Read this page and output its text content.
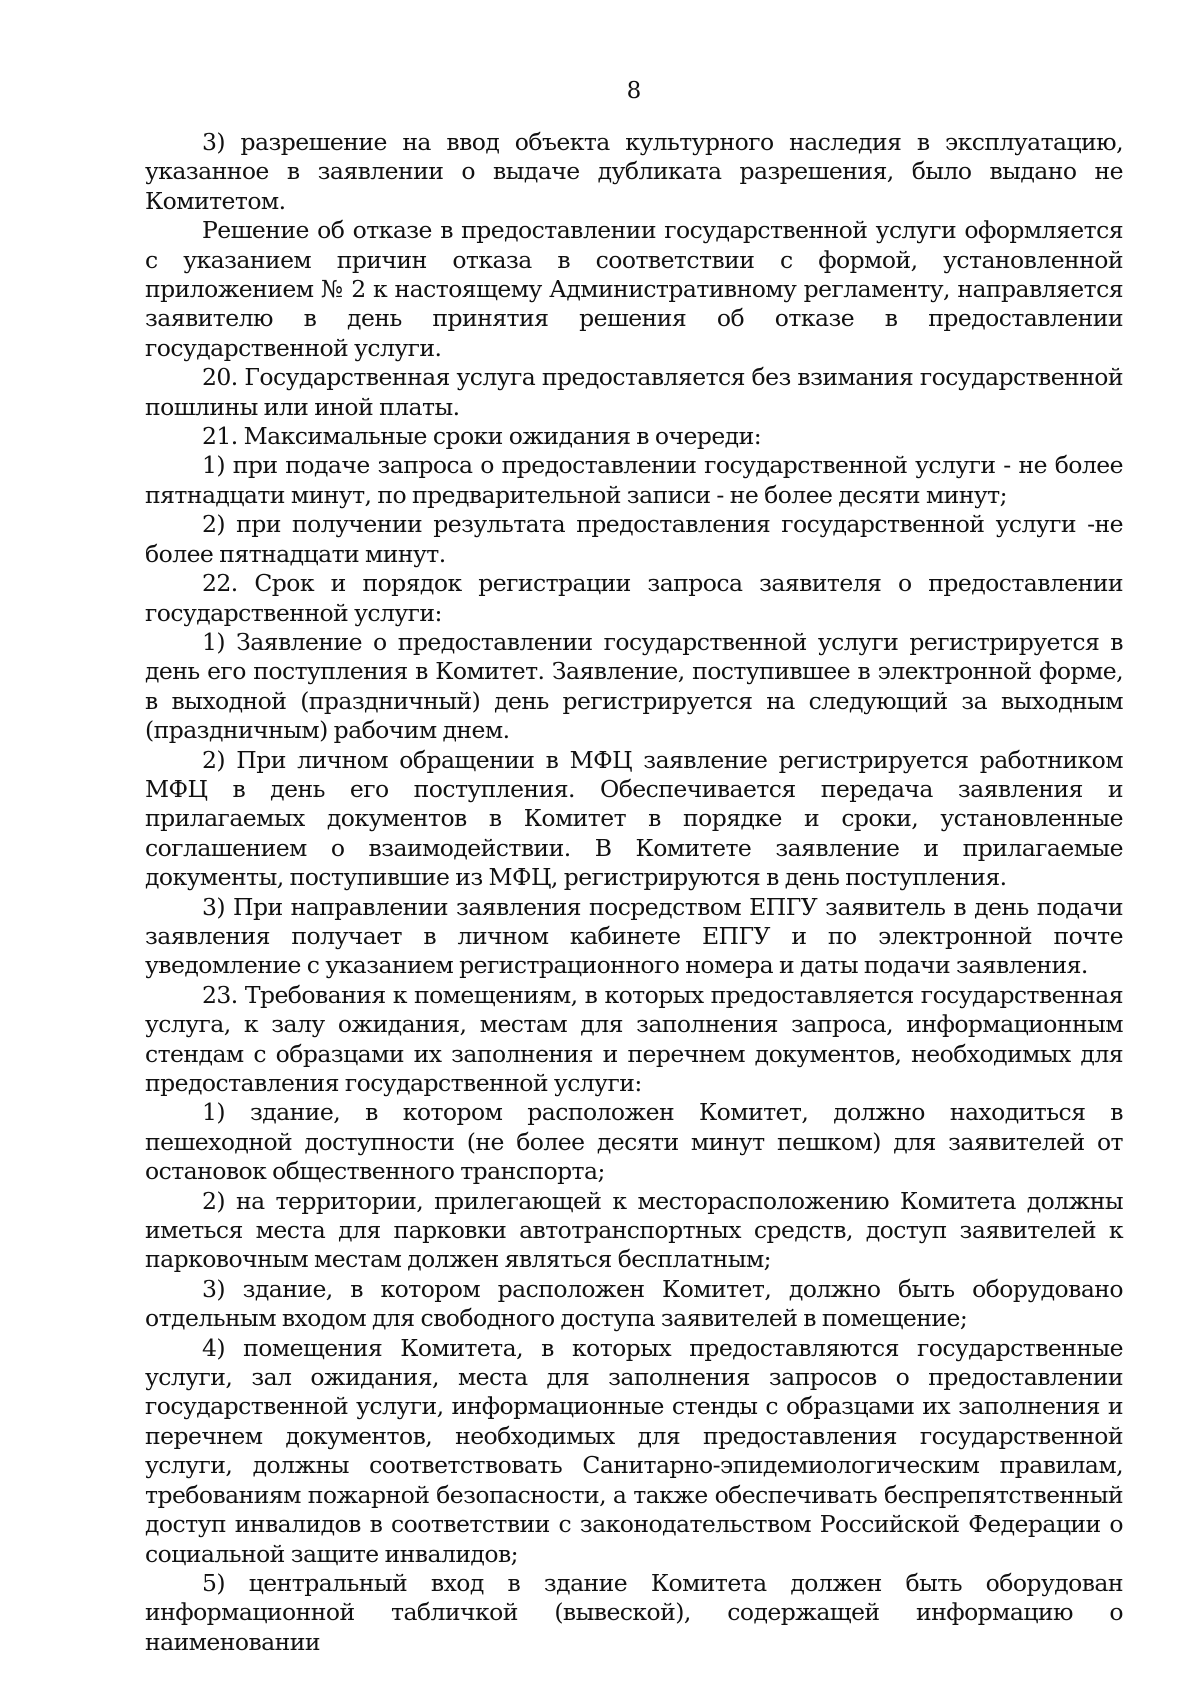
8

3) разрешение на ввод объекта культурного наследия в эксплуатацию, указанное в заявлении о выдаче дубликата разрешения, было выдано не Комитетом.

Решение об отказе в предоставлении государственной услуги оформляется с указанием причин отказа в соответствии с формой, установленной приложением № 2 к настоящему Административному регламенту, направляется заявителю в день принятия решения об отказе в предоставлении государственной услуги.

20. Государственная услуга предоставляется без взимания государственной пошлины или иной платы.

21. Максимальные сроки ожидания в очереди:

1) при подаче запроса о предоставлении государственной услуги - не более пятнадцати минут, по предварительной записи - не более десяти минут;

2) при получении результата предоставления государственной услуги -не более пятнадцати минут.

22. Срок и порядок регистрации запроса заявителя о предоставлении государственной услуги:

1) Заявление о предоставлении государственной услуги регистрируется в день его поступления в Комитет. Заявление, поступившее в электронной форме, в выходной (праздничный) день регистрируется на следующий за выходным (праздничным) рабочим днем.

2) При личном обращении в МФЦ заявление регистрируется работником МФЦ в день его поступления. Обеспечивается передача заявления и прилагаемых документов в Комитет в порядке и сроки, установленные соглашением о взаимодействии. В Комитете заявление и прилагаемые документы, поступившие из МФЦ, регистрируются в день поступления.

3) При направлении заявления посредством ЕПГУ заявитель в день подачи заявления получает в личном кабинете ЕПГУ и по электронной почте уведомление с указанием регистрационного номера и даты подачи заявления.

23. Требования к помещениям, в которых предоставляется государственная услуга, к залу ожидания, местам для заполнения запроса, информационным стендам с образцами их заполнения и перечнем документов, необходимых для предоставления государственной услуги:

1) здание, в котором расположен Комитет, должно находиться в пешеходной доступности (не более десяти минут пешком) для заявителей от остановок общественного транспорта;

2) на территории, прилегающей к месторасположению Комитета должны иметься места для парковки автотранспортных средств, доступ заявителей к парковочным местам должен являться бесплатным;

3) здание, в котором расположен Комитет, должно быть оборудовано отдельным входом для свободного доступа заявителей в помещение;

4) помещения Комитета, в которых предоставляются государственные услуги, зал ожидания, места для заполнения запросов о предоставлении государственной услуги, информационные стенды с образцами их заполнения и перечнем документов, необходимых для предоставления государственной услуги, должны соответствовать Санитарно-эпидемиологическим правилам, требованиям пожарной безопасности, а также обеспечивать беспрепятственный доступ инвалидов в соответствии с законодательством Российской Федерации о социальной защите инвалидов;

5) центральный вход в здание Комитета должен быть оборудован информационной табличкой (вывеской), содержащей информацию о наименовании
